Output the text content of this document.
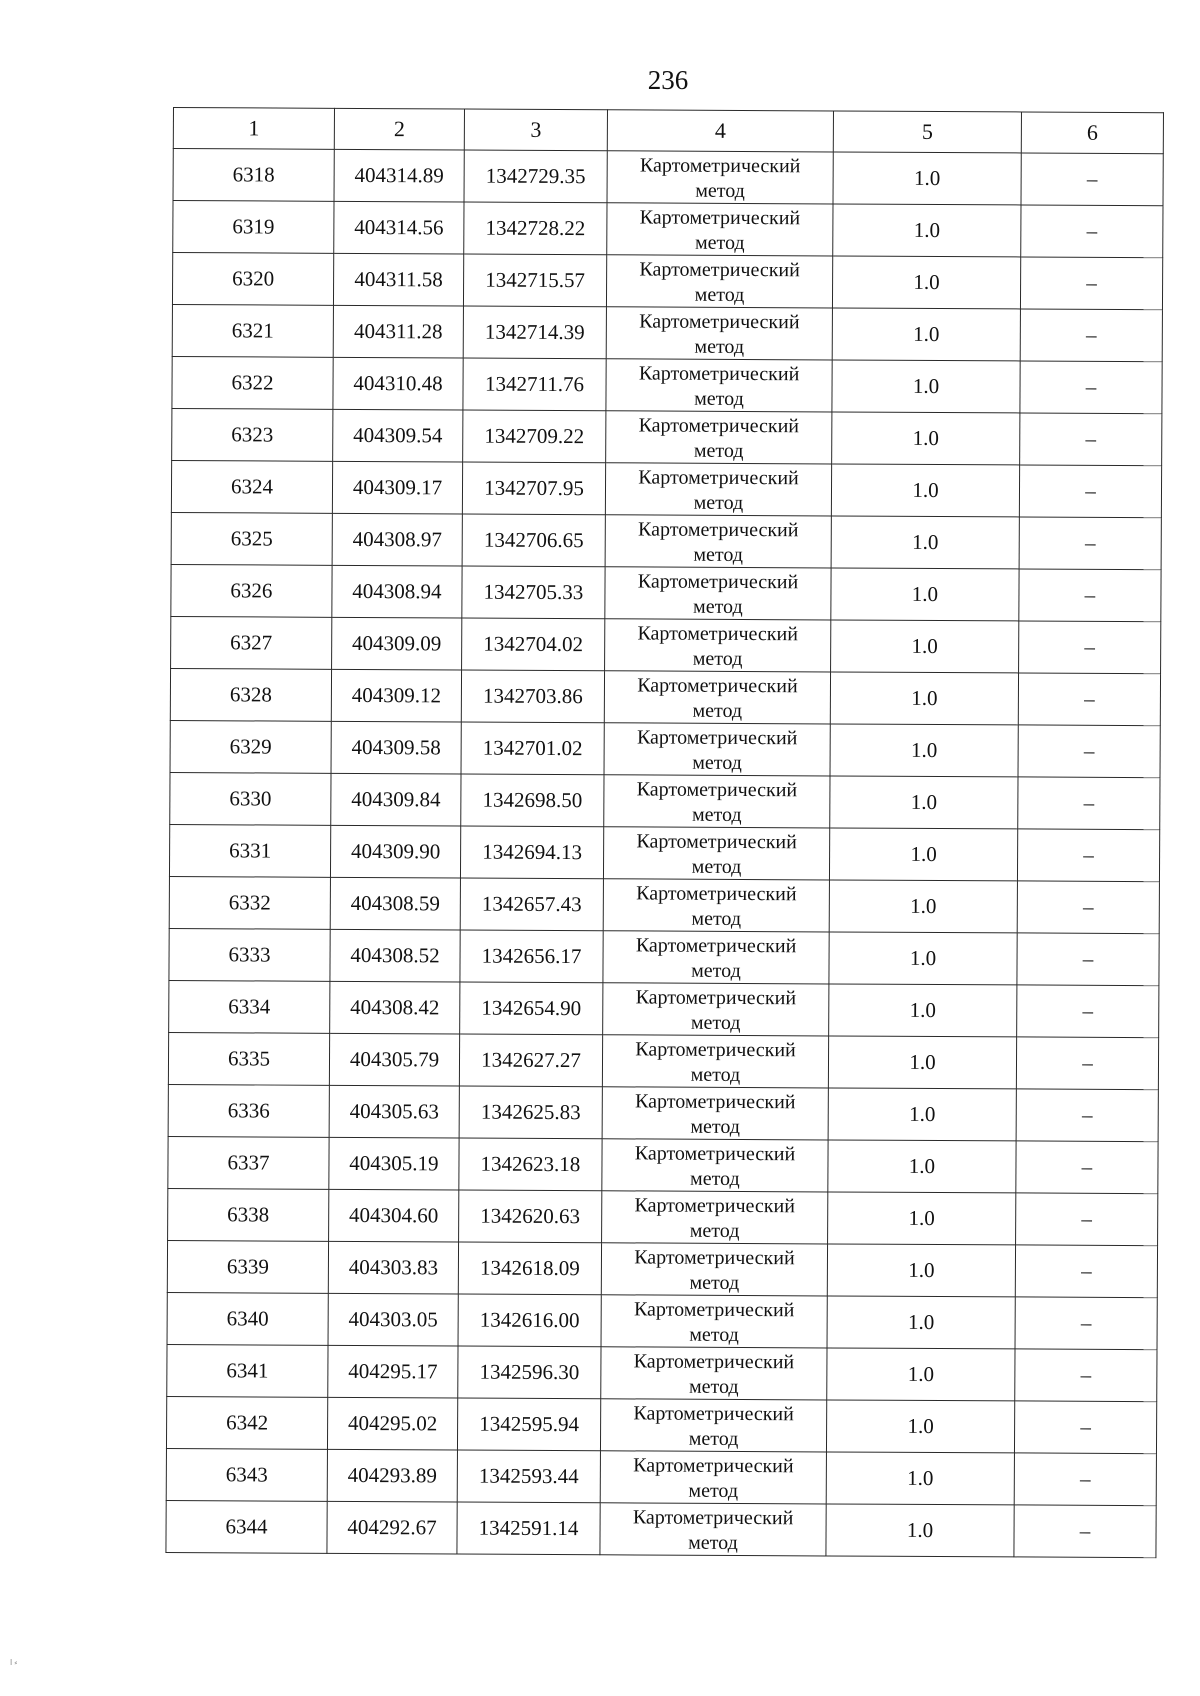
236
1	2	3	4	5	6
6318	404314.89	1342729.35	Картометрический
метод	1.0	–
6319	404314.56	1342728.22	Картометрический
метод	1.0	–
6320	404311.58	1342715.57	Картометрический
метод	1.0	–
6321	404311.28	1342714.39	Картометрический
метод	1.0	–
6322	404310.48	1342711.76	Картометрический
метод	1.0	–
6323	404309.54	1342709.22	Картометрический
метод	1.0	–
6324	404309.17	1342707.95	Картометрический
метод	1.0	–
6325	404308.97	1342706.65	Картометрический
метод	1.0	–
6326	404308.94	1342705.33	Картометрический
метод	1.0	–
6327	404309.09	1342704.02	Картометрический
метод	1.0	–
6328	404309.12	1342703.86	Картометрический
метод	1.0	–
6329	404309.58	1342701.02	Картометрический
метод	1.0	–
6330	404309.84	1342698.50	Картометрический
метод	1.0	–
6331	404309.90	1342694.13	Картометрический
метод	1.0	–
6332	404308.59	1342657.43	Картометрический
метод	1.0	–
6333	404308.52	1342656.17	Картометрический
метод	1.0	–
6334	404308.42	1342654.90	Картометрический
метод	1.0	–
6335	404305.79	1342627.27	Картометрический
метод	1.0	–
6336	404305.63	1342625.83	Картометрический
метод	1.0	–
6337	404305.19	1342623.18	Картометрический
метод	1.0	–
6338	404304.60	1342620.63	Картометрический
метод	1.0	–
6339	404303.83	1342618.09	Картометрический
метод	1.0	–
6340	404303.05	1342616.00	Картометрический
метод	1.0	–
6341	404295.17	1342596.30	Картометрический
метод	1.0	–
6342	404295.02	1342595.94	Картометрический
метод	1.0	–
6343	404293.89	1342593.44	Картометрический
метод	1.0	–
6344	404292.67	1342591.14	Картометрический
метод	1.0	–
I ⸗
